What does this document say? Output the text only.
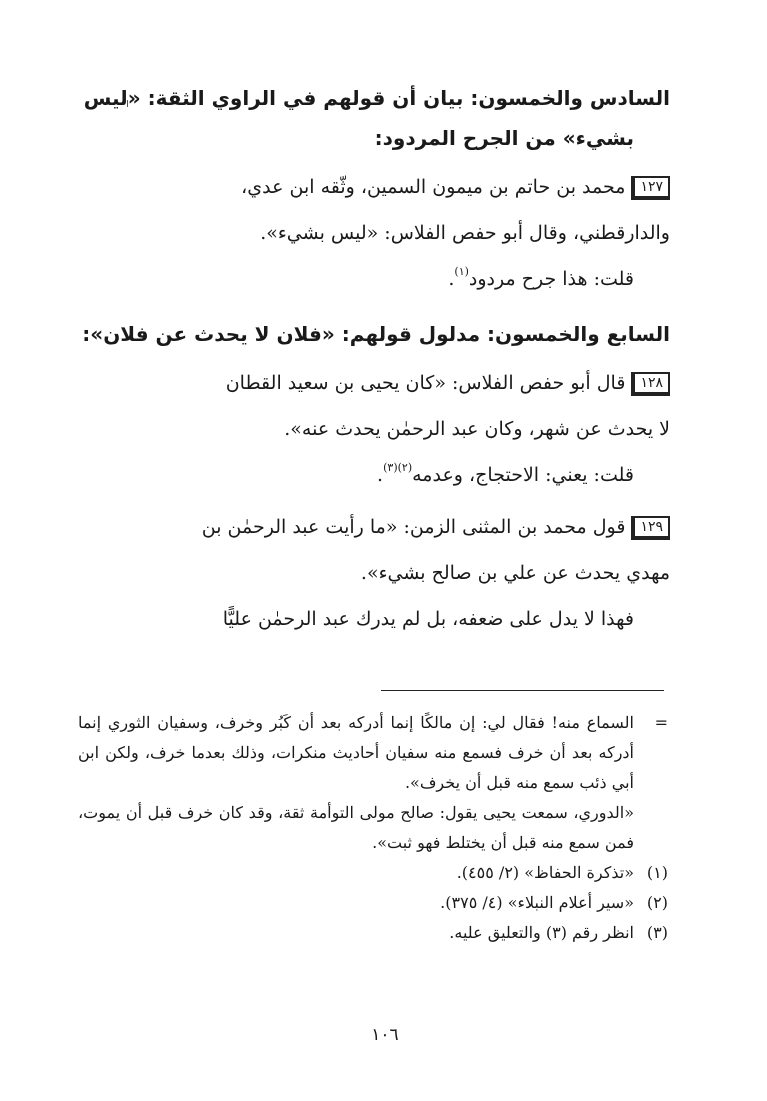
السادس والخمسون: بيان أن قولهم في الراوي الثقة: «ليس
بشيء» من الجرح المردود:
١٢٧محمد بن حاتم بن ميمون السمين، وثّقه ابن عدي،
والدارقطني، وقال أبو حفص الفلاس: «ليس بشيء».
قلت: هذا جرح مردود$^{(١)}$.
السابع والخمسون: مدلول قولهم: «فلان لا يحدث عن فلان»:
١٢٨قال أبو حفص الفلاس: «كان يحيى بن سعيد القطان
لا يحدث عن شهر، وكان عبد الرحمٰن يحدث عنه».
قلت: يعني: الاحتجاج، وعدمه$^{(٢)(٣)}$.
١٢٩قول محمد بن المثنى الزمن: «ما رأيت عبد الرحمٰن بن
مهدي يحدث عن علي بن صالح بشيء».
فهذا لا يدل على ضعفه، بل لم يدرك عبد الرحمٰن عليًّا
=
السماع منه! فقال لي: إن مالكًا إنما أدركه بعد أن كَبُر وخرف، وسفيان الثوري إنما أدركه بعد أن خرف فسمع منه سفيان أحاديث منكرات، وذلك بعدما خرف، ولكن ابن أبي ذئب سمع منه قبل أن يخرف».
«الدوري، سمعت يحيى يقول: صالح مولى التوأمة ثقة، وقد كان خرف قبل أن يموت، فمن سمع منه قبل أن يختلط فهو ثبت».
(١)
«تذكرة الحفاظ» (٢/ ٤٥٥).
(٢)
«سير أعلام النبلاء» (٤/ ٣٧٥).
(٣)
انظر رقم (٣) والتعليق عليه.
١٠٦
